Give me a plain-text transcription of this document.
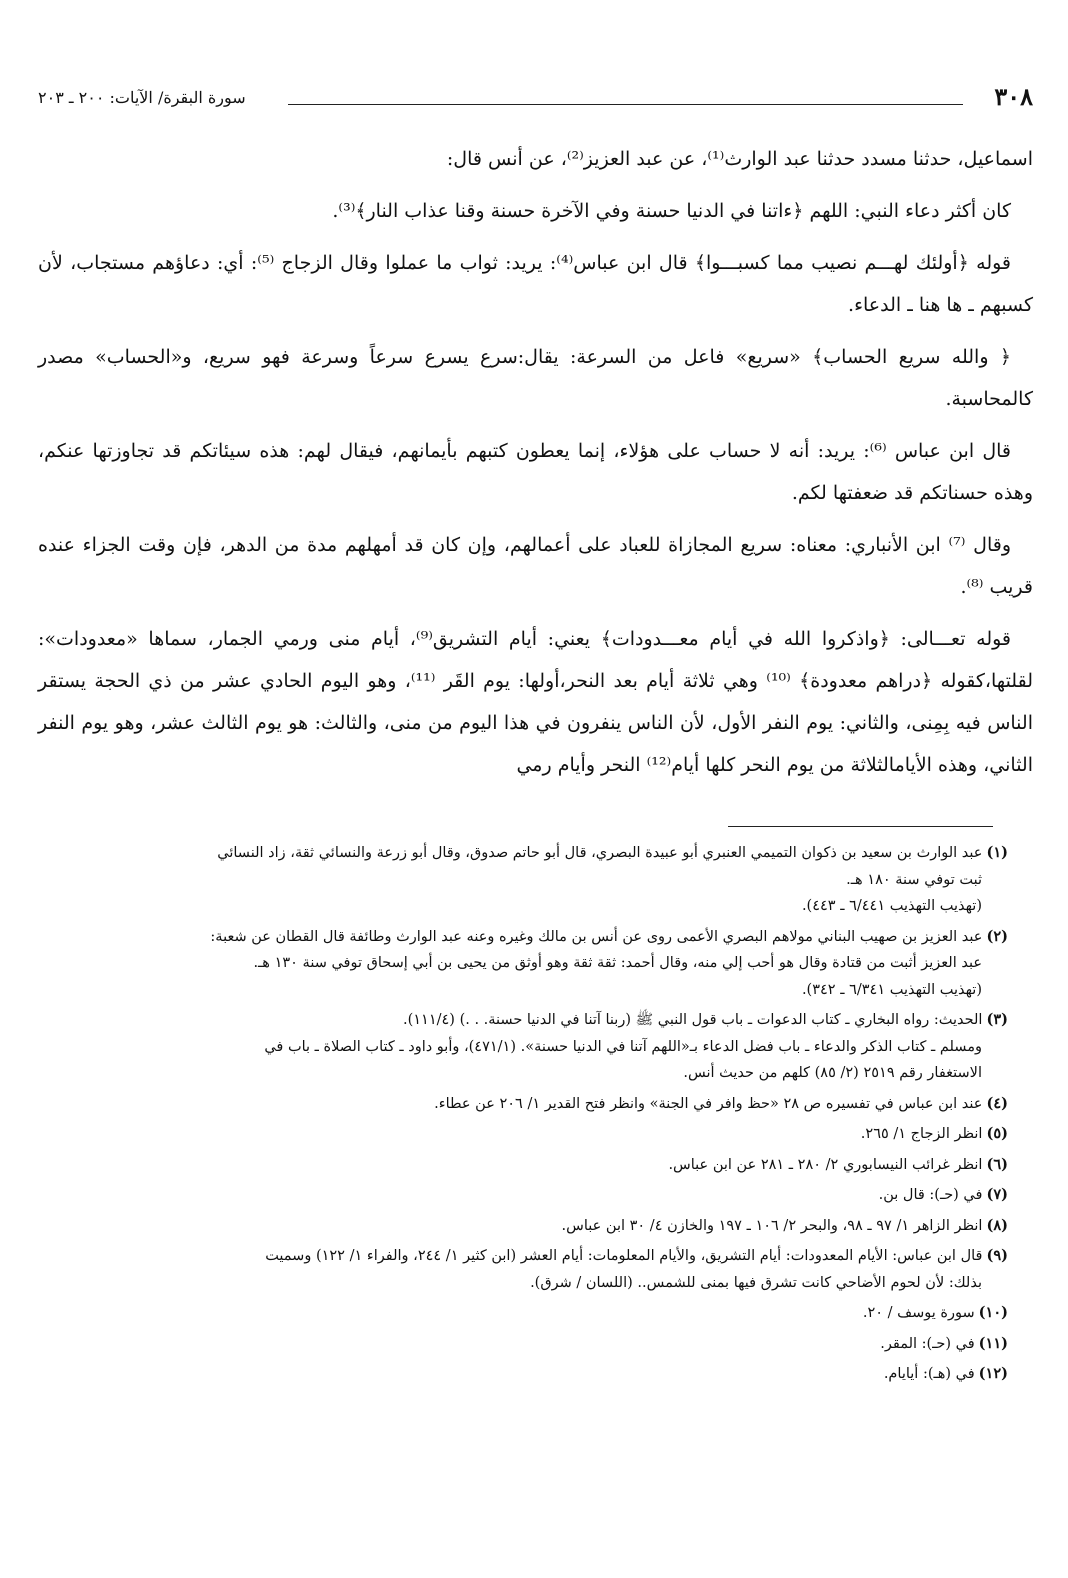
٣٠٨
سورة البقرة/ الآيات: ٢٠٠ ـ ٢٠٣

اسماعيل، حدثنا مسدد حدثنا عبد الوارث⁽¹⁾، عن عبد العزيز⁽²⁾، عن أنس قال:

كان أكثر دعاء النبي: اللهم ﴿ءاتنا في الدنيا حسنة وفي الآخرة حسنة وقنا عذاب النار﴾⁽³⁾.

قوله ﴿أولئك لهـــم نصيب مما كسبـــوا﴾ قال ابن عباس⁽⁴⁾: يريد: ثواب ما عملوا وقال الزجاج ⁽⁵⁾: أي: دعاؤهم مستجاب، لأن كسبهم ـ ها هنا ـ الدعاء.

﴿ والله سريع الحساب﴾ «سريع» فاعل من السرعة: يقال:سرع يسرع سرعاً وسرعة فهو سريع، و«الحساب» مصدر كالمحاسبة.

قال ابن عباس ⁽⁶⁾: يريد: أنه لا حساب على هؤلاء، إنما يعطون كتبهم بأيمانهم، فيقال لهم: هذه سيئاتكم قد تجاوزتها عنكم، وهذه حسناتكم قد ضعفتها لكم.

وقال ⁽⁷⁾ ابن الأنباري: معناه: سريع المجازاة للعباد على أعمالهم، وإن كان قد أمهلهم مدة من الدهر، فإن وقت الجزاء عنده قريب ⁽⁸⁾.

قوله تعـــالى: ﴿واذكروا الله في أيام معـــدودات﴾ يعني: أيام التشريق⁽⁹⁾، أيام منى ورمي الجمار، سماها «معدودات»: لقلتها،كقوله ﴿دراهم معدودة﴾ ⁽¹⁰⁾ وهي ثلاثة أيام بعد النحر،أولها: يوم القَر ⁽¹¹⁾، وهو اليوم الحادي عشر من ذي الحجة يستقر الناس فيه بِمِنى، والثاني: يوم النفر الأول، لأن الناس ينفرون في هذا اليوم من منى، والثالث: هو يوم الثالث عشر، وهو يوم النفر الثاني، وهذه الأيامالثلاثة من يوم النحر كلها أيام⁽¹²⁾ النحر وأيام رمي

(١)عبد الوارث بن سعيد بن ذكوان التميمي العنبري أبو عبيدة البصري، قال أبو حاتم صدوق، وقال أبو زرعة والنسائي ثقة، زاد النسائي
ثبت توفي سنة ١٨٠ هـ.
(تهذيب التهذيب ٦/٤٤١ ـ ٤٤٣).
(٢)عبد العزيز بن صهيب البناني مولاهم البصري الأعمى روى عن أنس بن مالك وغيره وعنه عبد الوارث وطائفة قال القطان عن شعبة:
عبد العزيز أثبت من قتادة وقال هو أحب إلي منه، وقال أحمد: ثقة ثقة وهو أوثق من يحيى بن أبي إسحاق توفي سنة ١٣٠ هـ.
(تهذيب التهذيب ٦/٣٤١ ـ ٣٤٢).
(٣)الحديث: رواه البخاري ـ كتاب الدعوات ـ باب قول النبي ﷺ (ربنا آتنا في الدنيا حسنة. . .) (١١١/٤).
ومسلم ـ كتاب الذكر والدعاء ـ باب فضل الدعاء بـ«اللهم آتنا في الدنيا حسنة». (٤٧١/١)، وأبو داود ـ كتاب الصلاة ـ باب في
الاستغفار رقم ٢٥١٩ (٢/ ٨٥) كلهم من حديث أنس.
(٤)عند ابن عباس في تفسيره ص ٢٨ «حظ وافر في الجنة» وانظر فتح القدير ١/ ٢٠٦ عن عطاء.
(٥)انظر الزجاج ١/ ٢٦٥.
(٦)انظر غرائب النيسابوري ٢/ ٢٨٠ ـ ٢٨١ عن ابن عباس.
(٧)في (حـ): قال بن.
(٨)انظر الزاهر ١/ ٩٧ ـ ٩٨، والبحر ٢/ ١٠٦ ـ ١٩٧ والخازن ٤/ ٣٠ ابن عباس.
(٩)قال ابن عباس: الأيام المعدودات: أيام التشريق، والأيام المعلومات: أيام العشر (ابن كثير ١/ ٢٤٤، والفراء ١/ ١٢٢) وسميت
بذلك: لأن لحوم الأضاحي كانت تشرق فيها بمنى للشمس.. (اللسان / شرق).
(١٠)سورة يوسف / ٢٠.
(١١)في (حـ): المقر.
(١٢)في (هـ): أيايام.
